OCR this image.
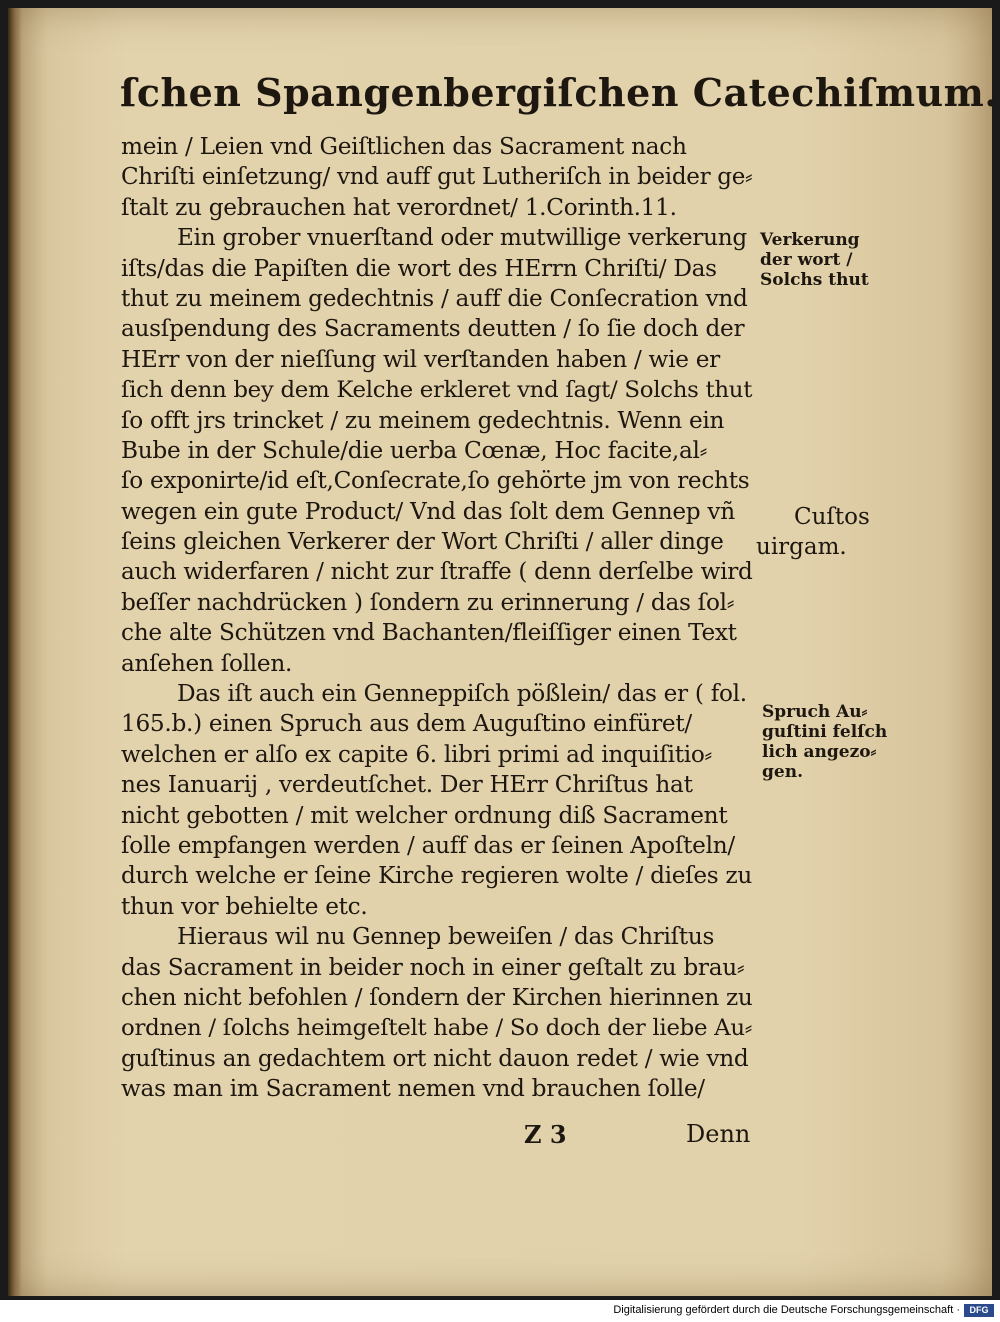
ſchen Spangenbergiſchen Catechiſmum.
mein / Leien vnd Geiſtlichen das Sacrament nach
Chriſti einſetzung/ vnd auff gut Lutheriſch in beider ge⸗
ſtalt zu gebrauchen hat verordnet/ 1.Corinth.11.
Ein grober vnuerſtand oder mutwillige verkerung
iſts/das die Papiſten die wort des HErrn Chriſti/ Das
thut zu meinem gedechtnis / auff die Conſecration vnd
ausſpendung des Sacraments deutten / ſo ſie doch der
HErr von der nieſſung wil verſtanden haben / wie er
ſich denn bey dem Kelche erkleret vnd ſagt/ Solchs thut
ſo offt jrs trincket / zu meinem gedechtnis. Wenn ein
Bube in der Schule/die uerba Cœnæ, Hoc facite,al⸗
ſo exponirte/id eſt,Conſecrate,ſo gehörte jm von rechts
wegen ein gute Product/ Vnd das ſolt dem Gennep vñ
ſeins gleichen Verkerer der Wort Chriſti / aller dinge
auch widerfaren / nicht zur ſtraffe ( denn derſelbe wird
beſſer nachdrücken ) ſondern zu erinnerung / das ſol⸗
che alte Schützen vnd Bachanten/fleiſſiger einen Text
anſehen ſollen.
Das iſt auch ein Genneppiſch pößlein/ das er ( fol.
165.b.) einen Spruch aus dem Auguſtino einfüret/
welchen er alſo ex capite 6. libri primi ad inquiſitio⸗
nes Ianuarij , verdeutſchet. Der HErr Chriſtus hat
nicht gebotten / mit welcher ordnung diß Sacrament
ſolle empfangen werden / auff das er ſeinen Apoſteln/
durch welche er ſeine Kirche regieren wolte / dieſes zu
thun vor behielte etc.
Hieraus wil nu Gennep beweiſen / das Chriſtus
das Sacrament in beider noch in einer geſtalt zu brau⸗
chen nicht befohlen / ſondern der Kirchen hierinnen zu
ordnen / ſolchs heimgeſtelt habe / So doch der liebe Au⸗
guſtinus an gedachtem ort nicht dauon redet / wie vnd
was man im Sacrament nemen vnd brauchen ſolle/
Verkerung
der wort /
Solchs thut
Cuſtos
uirgam.
Spruch Au⸗
guſtini felſch
lich angezo⸗
gen.
Z 3	Denn
Digitalisierung gefördert durch die Deutsche Forschungsgemeinschaft ·	DFG
